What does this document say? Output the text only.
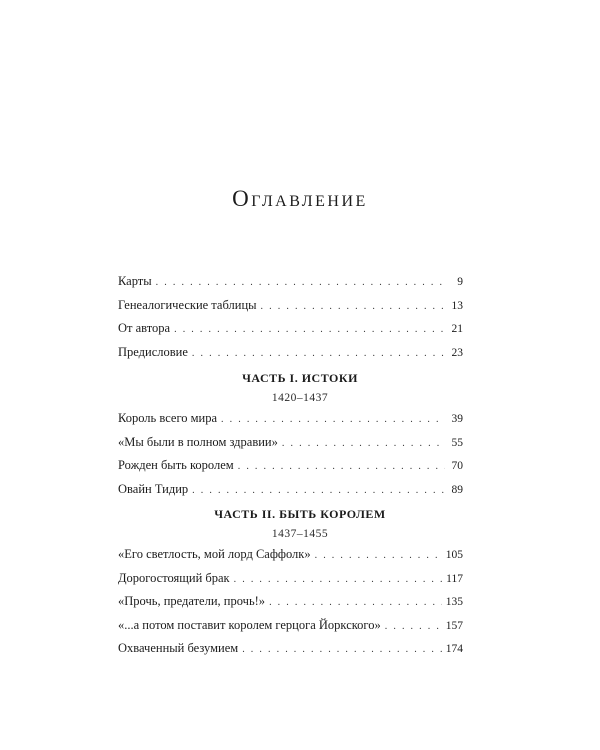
Оглавление
Карты . . .	9
Генеалогические таблицы . . .	13
От автора . . .	21
Предисловие . . .	23
ЧАСТЬ I. ИСТОКИ
1420–1437
Король всего мира . . .	39
«Мы были в полном здравии» . . .	55
Рожден быть королем . . .	70
Овайн Тидир . . .	89
ЧАСТЬ II. БЫТЬ КОРОЛЕМ
1437–1455
«Его светлость, мой лорд Саффолк» . . .	105
Дорогостоящий брак . . .	117
«Прочь, предатели, прочь!» . . .	135
«...а потом поставит королем герцога Йоркского» . . .	157
Охваченный безумием . . .	174
